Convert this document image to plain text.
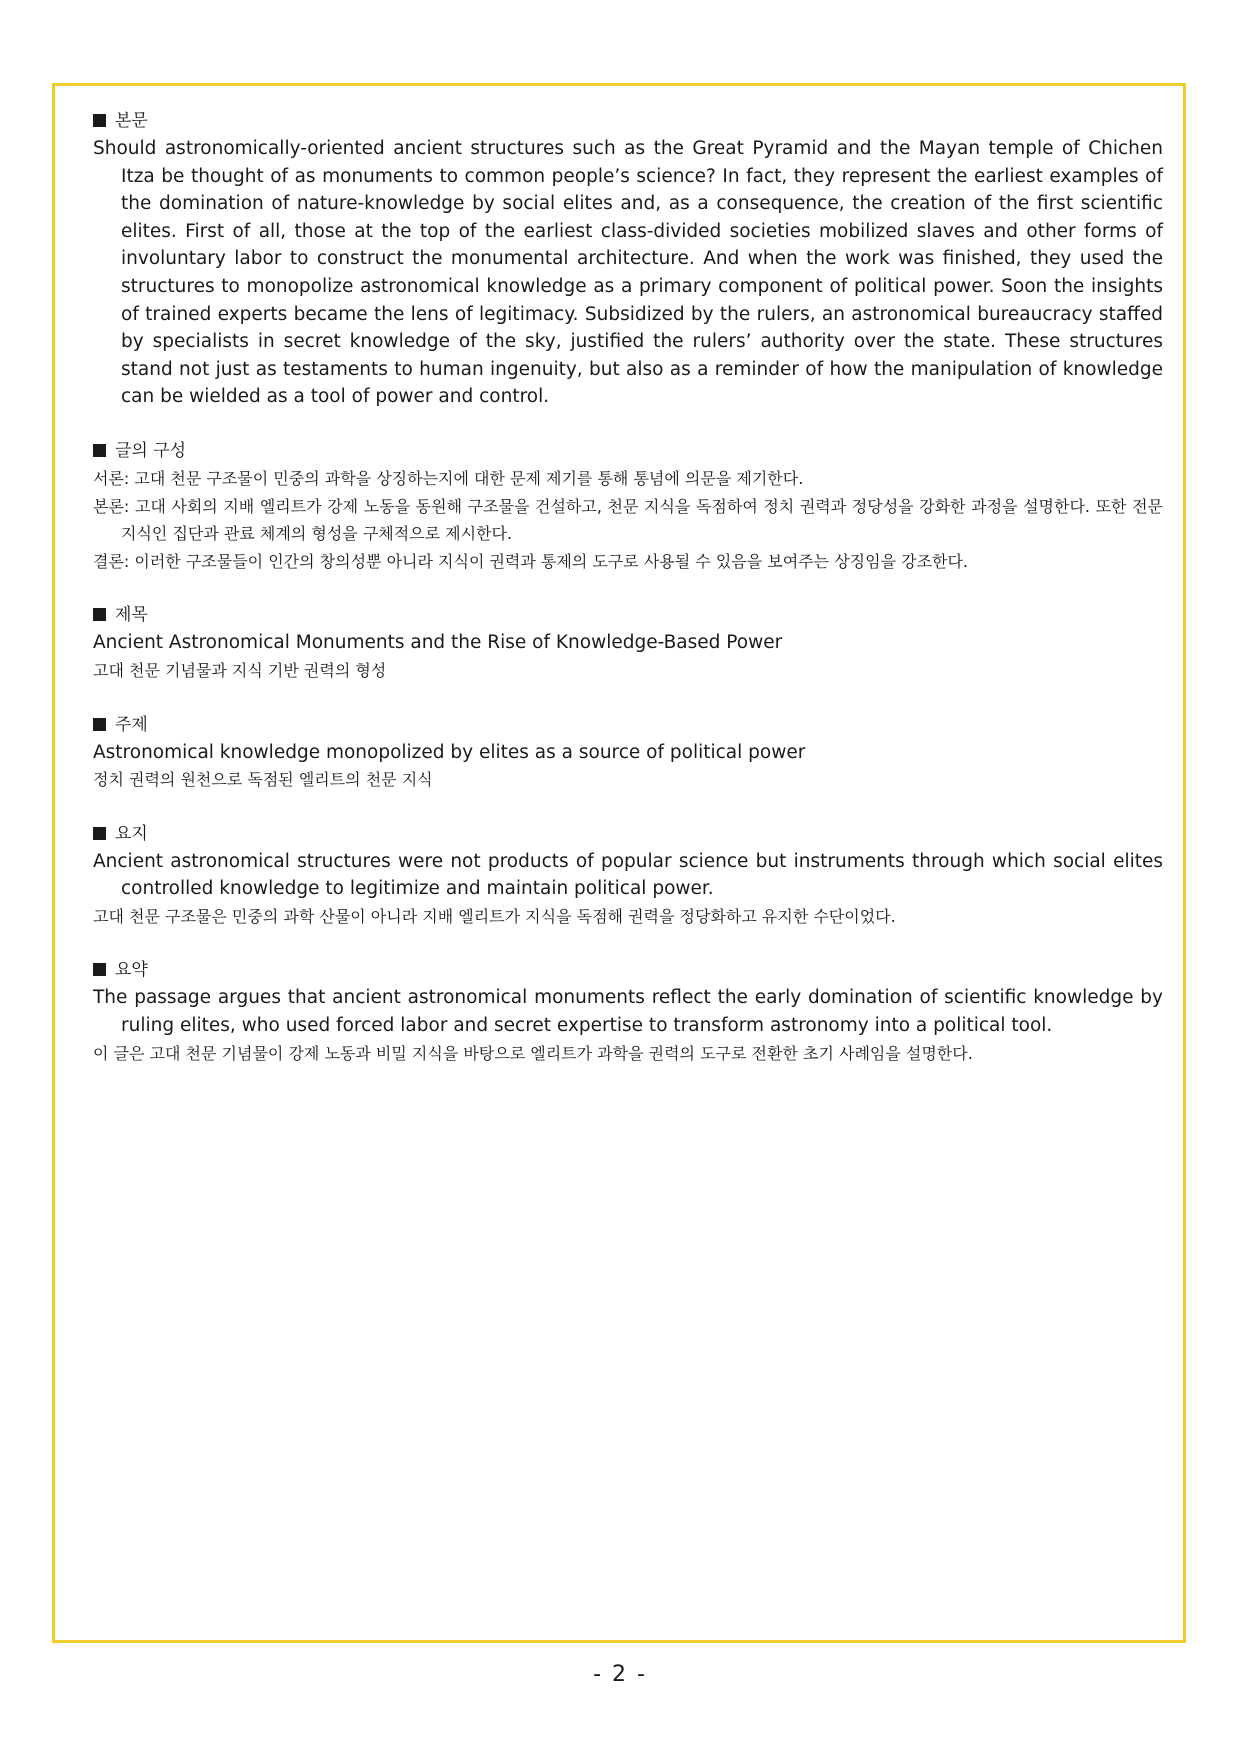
본문

Should astronomically-oriented ancient structures such as the Great Pyramid and the Mayan temple of Chichen Itza be thought of as monuments to common people’s science? In fact, they represent the earliest examples of the domination of nature-knowledge by social elites and, as a consequence, the creation of the first scientific elites. First of all, those at the top of the earliest class-divided societies mobilized slaves and other forms of involuntary labor to construct the monumental architecture. And when the work was finished, they used the structures to monopolize astronomical knowledge as a primary component of political power. Soon the insights of trained experts became the lens of legitimacy. Subsidized by the rulers, an astronomical bureaucracy staffed by specialists in secret knowledge of the sky, justified the rulers’ authority over the state. These structures stand not just as testaments to human ingenuity, but also as a reminder of how the manipulation of knowledge can be wielded as a tool of power and control.

글의 구성

서론: 고대 천문 구조물이 민중의 과학을 상징하는지에 대한 문제 제기를 통해 통념에 의문을 제기한다.

본론: 고대 사회의 지배 엘리트가 강제 노동을 동원해 구조물을 건설하고, 천문 지식을 독점하여 정치 권력과 정당성을 강화한 과정을 설명한다. 또한 전문 지식인 집단과 관료 체계의 형성을 구체적으로 제시한다.

결론: 이러한 구조물들이 인간의 창의성뿐 아니라 지식이 권력과 통제의 도구로 사용될 수 있음을 보여주는 상징임을 강조한다.

제목

Ancient Astronomical Monuments and the Rise of Knowledge-Based Power

고대 천문 기념물과 지식 기반 권력의 형성

주제

Astronomical knowledge monopolized by elites as a source of political power

정치 권력의 원천으로 독점된 엘리트의 천문 지식

요지

Ancient astronomical structures were not products of popular science but instruments through which social elites controlled knowledge to legitimize and maintain political power.

고대 천문 구조물은 민중의 과학 산물이 아니라 지배 엘리트가 지식을 독점해 권력을 정당화하고 유지한 수단이었다.

요약

The passage argues that ancient astronomical monuments reflect the early domination of scientific knowledge by ruling elites, who used forced labor and secret expertise to transform astronomy into a political tool.

이 글은 고대 천문 기념물이 강제 노동과 비밀 지식을 바탕으로 엘리트가 과학을 권력의 도구로 전환한 초기 사례임을 설명한다.

- 2 -
